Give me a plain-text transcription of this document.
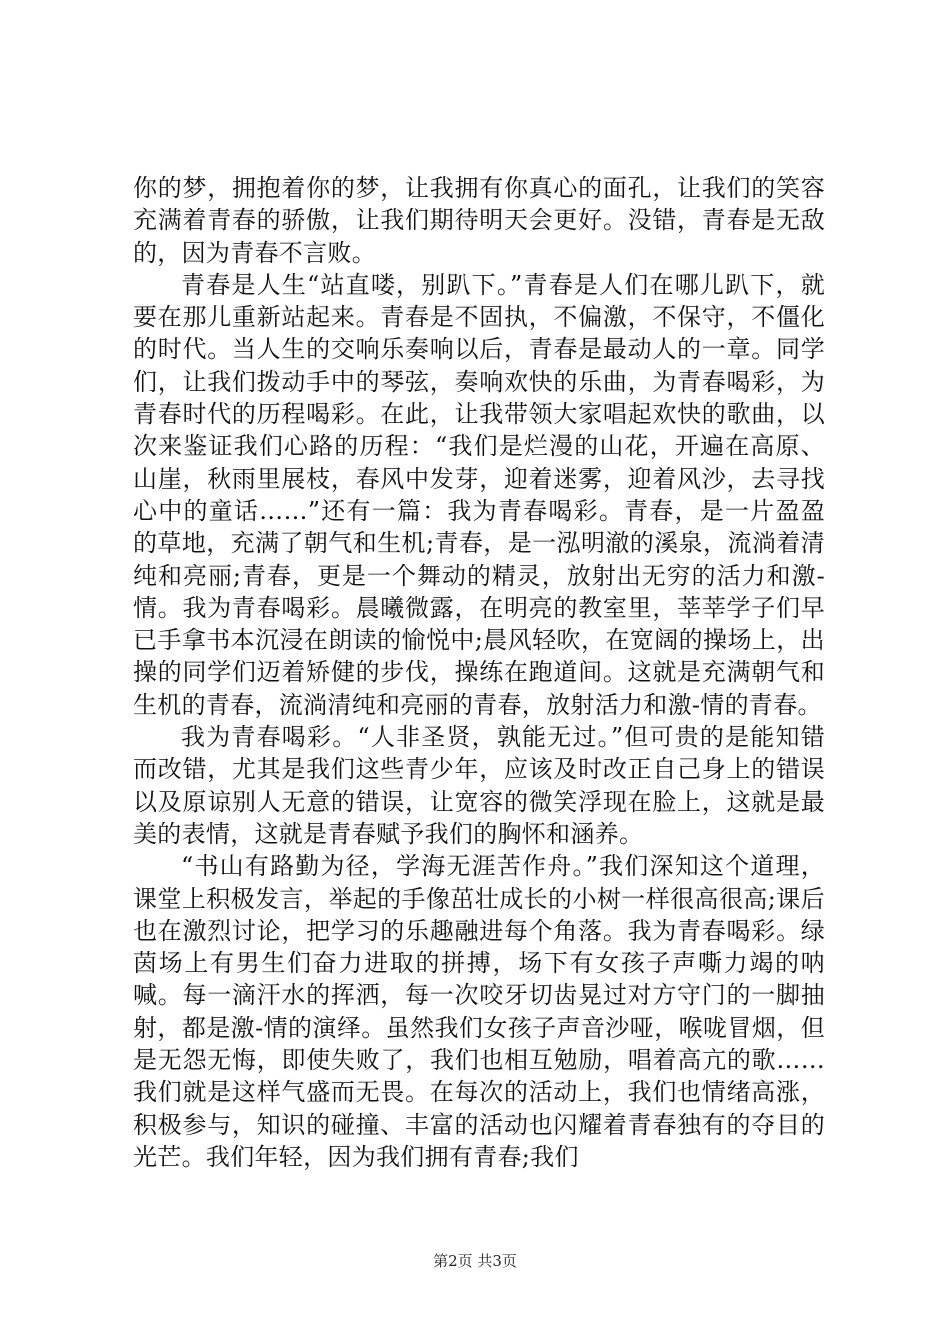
你的梦，拥抱着你的梦，让我拥有你真心的面孔，让我们的笑容充满着青春的骄傲，让我们期待明天会更好。没错，青春是无敌的，因为青春不言败。

青春是人生“站直喽，别趴下。”青春是人们在哪儿趴下，就要在那儿重新站起来。青春是不固执，不偏激，不保守，不僵化的时代。当人生的交响乐奏响以后，青春是最动人的一章。同学们，让我们拨动手中的琴弦，奏响欢快的乐曲，为青春喝彩，为青春时代的历程喝彩。在此，让我带领大家唱起欢快的歌曲，以次来鉴证我们心路的历程：“我们是烂漫的山花，开遍在高原、山崖，秋雨里展枝，春风中发芽，迎着迷雾，迎着风沙，去寻找心中的童话……”还有一篇：我为青春喝彩。青春，是一片盈盈的草地，充满了朝气和生机;青春，是一泓明澈的溪泉，流淌着清纯和亮丽;青春，更是一个舞动的精灵，放射出无穷的活力和激-情。我为青春喝彩。晨曦微露，在明亮的教室里，莘莘学子们早已手拿书本沉浸在朗读的愉悦中;晨风轻吹，在宽阔的操场上，出操的同学们迈着矫健的步伐，操练在跑道间。这就是充满朝气和生机的青春，流淌清纯和亮丽的青春，放射活力和激-情的青春。

我为青春喝彩。“人非圣贤，孰能无过。”但可贵的是能知错而改错，尤其是我们这些青少年，应该及时改正自己身上的错误以及原谅别人无意的错误，让宽容的微笑浮现在脸上，这就是最美的表情，这就是青春赋予我们的胸怀和涵养。

“书山有路勤为径，学海无涯苦作舟。”我们深知这个道理，课堂上积极发言，举起的手像茁壮成长的小树一样很高很高;课后也在激烈讨论，把学习的乐趣融进每个角落。我为青春喝彩。绿茵场上有男生们奋力进取的拼搏，场下有女孩子声嘶力竭的呐喊。每一滴汗水的挥洒，每一次咬牙切齿晃过对方守门的一脚抽射，都是激-情的演绎。虽然我们女孩子声音沙哑，喉咙冒烟，但是无怨无悔，即使失败了，我们也相互勉励，唱着高亢的歌……我们就是这样气盛而无畏。在每次的活动上，我们也情绪高涨，积极参与，知识的碰撞、丰富的活动也闪耀着青春独有的夺目的光芒。我们年轻，因为我们拥有青春;我们

第2页 共3页
